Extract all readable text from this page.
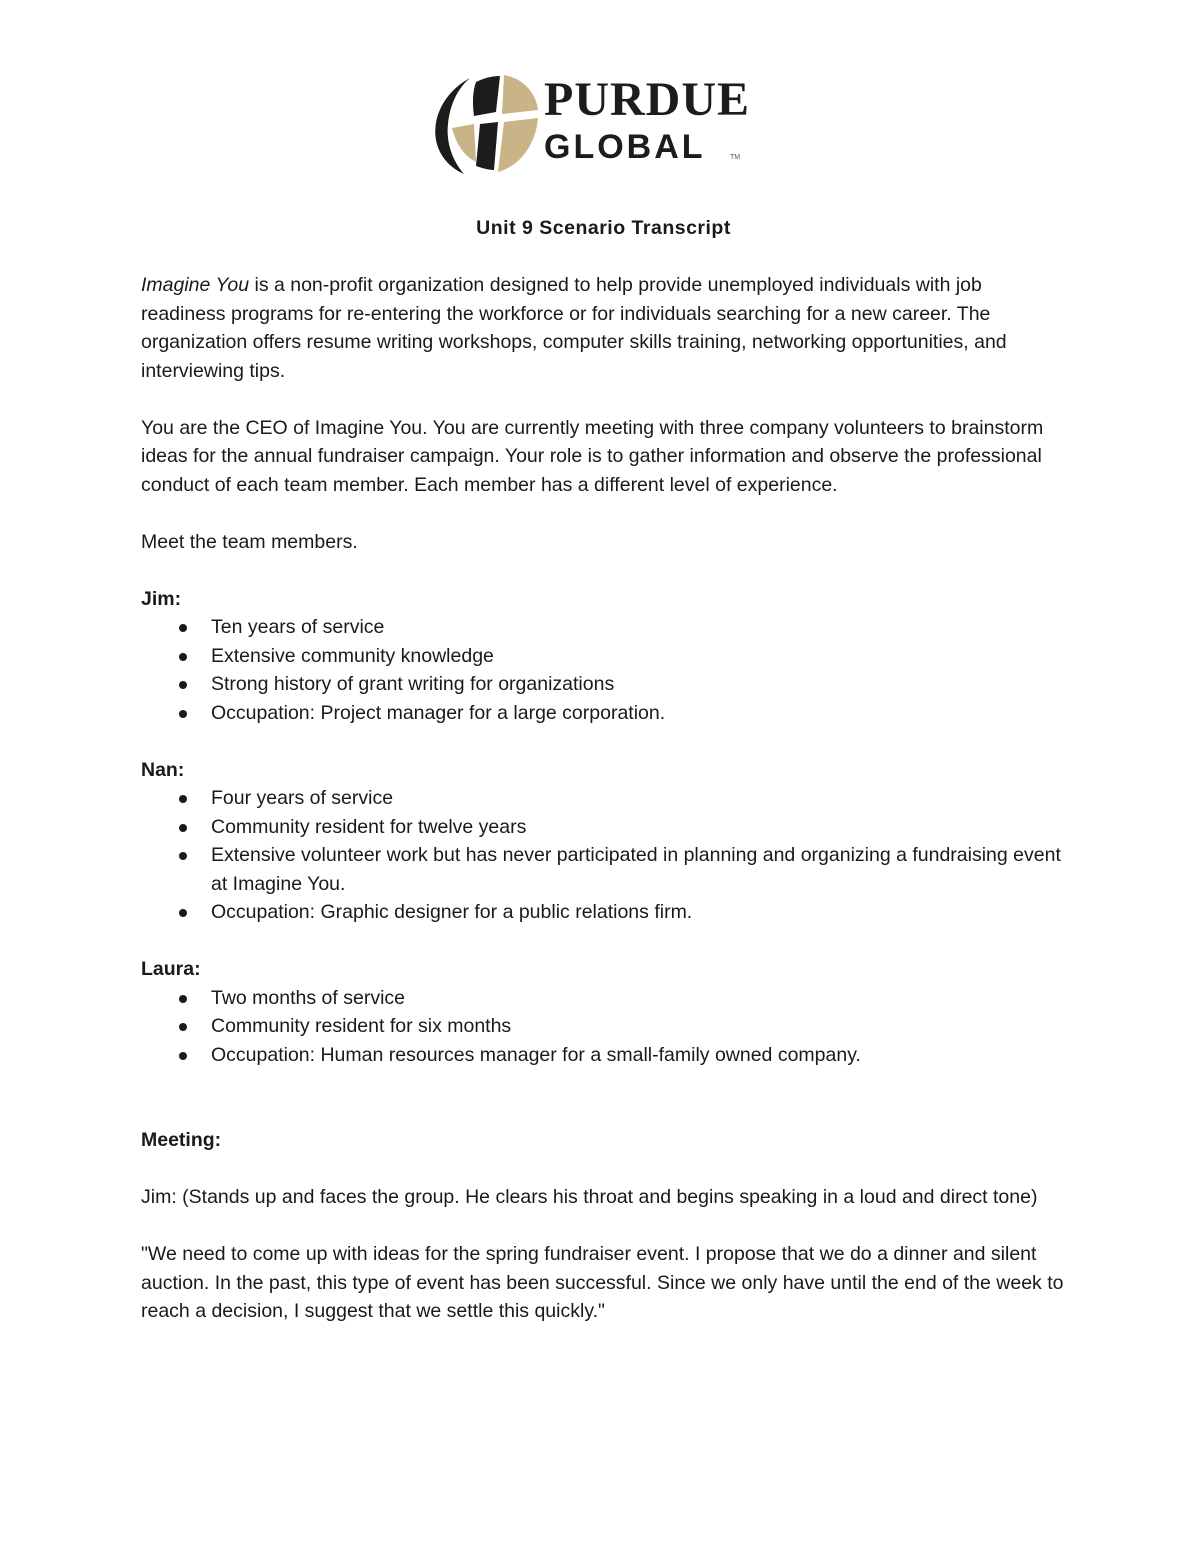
PURDUE
GLOBAL	TM

Unit 9 Scenario Transcript

Imagine You is a non-profit organization designed to help provide unemployed individuals with job readiness programs for re-entering the workforce or for individuals searching for a new career. The organization offers resume writing workshops, computer skills training, networking opportunities, and interviewing tips.

You are the CEO of Imagine You. You are currently meeting with three company volunteers to brainstorm ideas for the annual fundraiser campaign. Your role is to gather information and observe the professional conduct of each team member. Each member has a different level of experience.

Meet the team members.

Jim:

Ten years of service
Extensive community knowledge
Strong history of grant writing for organizations
Occupation: Project manager for a large corporation.

Nan:

Four years of service
Community resident for twelve years
Extensive volunteer work but has never participated in planning and organizing a fundraising event at Imagine You.
Occupation: Graphic designer for a public relations firm.

Laura:

Two months of service
Community resident for six months
Occupation: Human resources manager for a small-family owned company.

Meeting:

Jim: (Stands up and faces the group. He clears his throat and begins speaking in a loud and direct tone)

"We need to come up with ideas for the spring fundraiser event. I propose that we do a dinner and silent auction. In the past, this type of event has been successful. Since we only have until the end of the week to reach a decision, I suggest that we settle this quickly."
